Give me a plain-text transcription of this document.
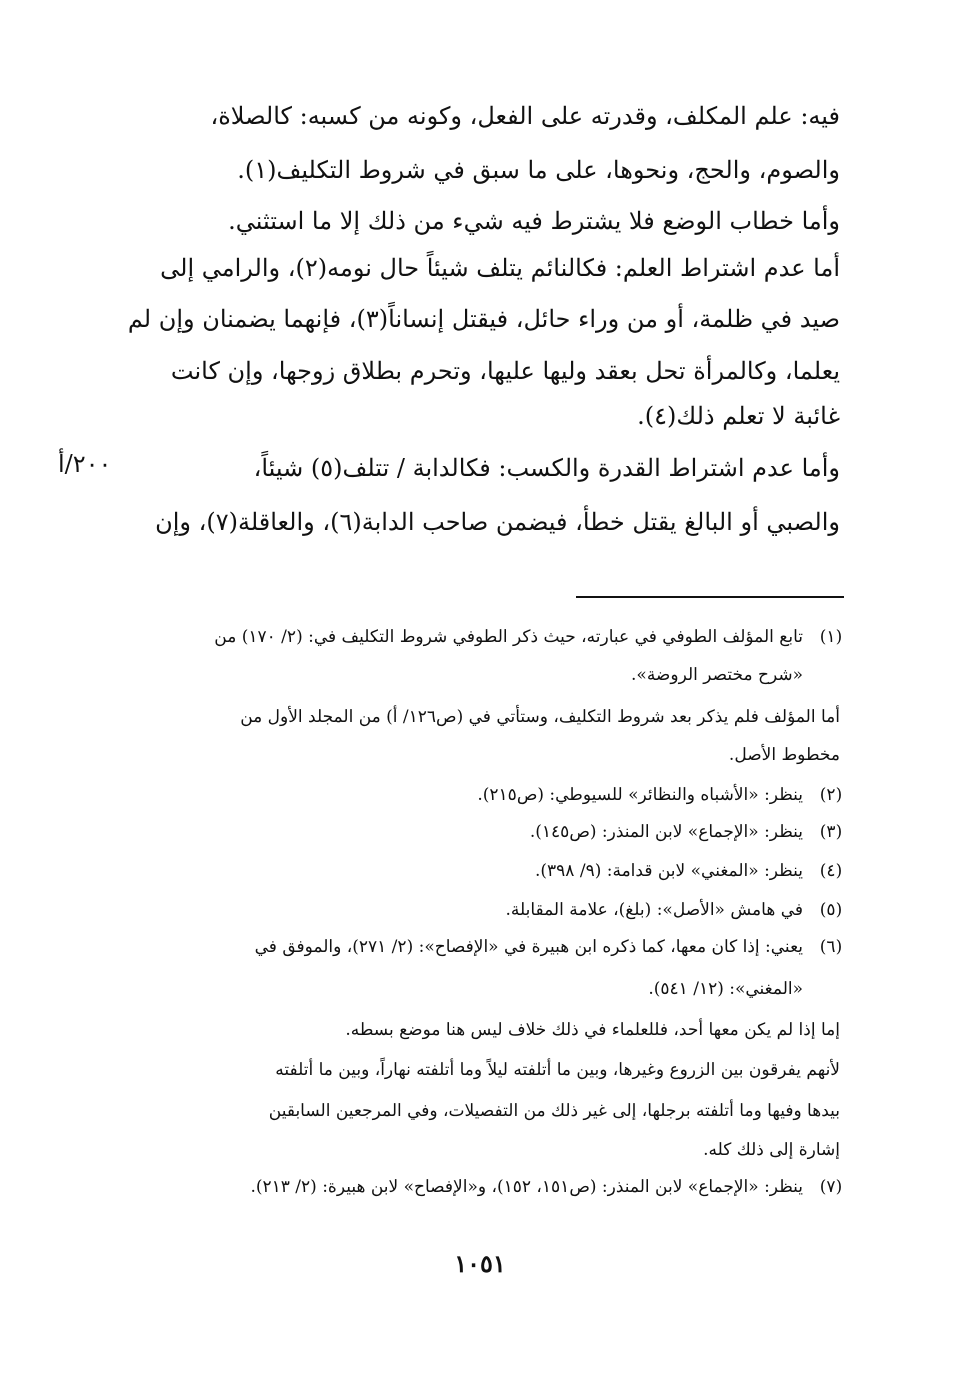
فيه: علم المكلف، وقدرته على الفعل، وكونه من كسبه: كالصلاة،
والصوم، والحج، ونحوها، على ما سبق في شروط التكليف(١).
وأما خطاب الوضع فلا يشترط فيه شيء من ذلك إلا ما استثني.
أما عدم اشتراط العلم: فكالنائم يتلف شيئاً حال نومه(٢)، والرامي إلى
صيد في ظلمة، أو من وراء حائل، فيقتل إنساناً(٣)، فإنهما يضمنان وإن لم
يعلما، وكالمرأة تحل بعقد وليها عليها، وتحرم بطلاق زوجها، وإن كانت
غائبة لا تعلم ذلك(٤).
وأما عدم اشتراط القدرة والكسب: فكالدابة / تتلف(٥) شيئاً،
والصبي أو البالغ يقتل خطأ، فيضمن صاحب الدابة(٦)، والعاقلة(٧)، وإن
٢٠٠/أ
(١)
(٢)
(٣)
(٤)
(٥)
(٦)
(٧)
تابع المؤلف الطوفي في عبارته، حيث ذكر الطوفي شروط التكليف في: (٢/ ١٧٠) من
«شرح مختصر الروضة».
أما المؤلف فلم يذكر بعد شروط التكليف، وستأتي في (ص١٢٦/ أ) من المجلد الأول من
مخطوط الأصل.
ينظر: «الأشباه والنظائر» للسيوطي: (ص٢١٥).
ينظر: «الإجماع» لابن المنذر: (ص١٤٥).
ينظر: «المغني» لابن قدامة: (٩/ ٣٩٨).
في هامش «الأصل»: (بلغ)، علامة المقابلة.
يعني: إذا كان معها، كما ذكره ابن هبيرة في «الإفصاح»: (٢/ ٢٧١)، والموفق في
«المغني»: (١٢/ ٥٤١).
إما إذا لم يكن معها أحد، فللعلماء في ذلك خلاف ليس هنا موضع بسطه.
لأنهم يفرقون بين الزروع وغيرها، وبين ما أتلفته ليلاً وما أتلفته نهاراً، وبين ما أتلفته
بيدها وفيها وما أتلفته برجلها، إلى غير ذلك من التفصيلات، وفي المرجعين السابقين
إشارة إلى ذلك كله.
ينظر: «الإجماع» لابن المنذر: (ص١٥١، ١٥٢)، و«الإفصاح» لابن هبيرة: (٢/ ٢١٣).
١٠٥١
